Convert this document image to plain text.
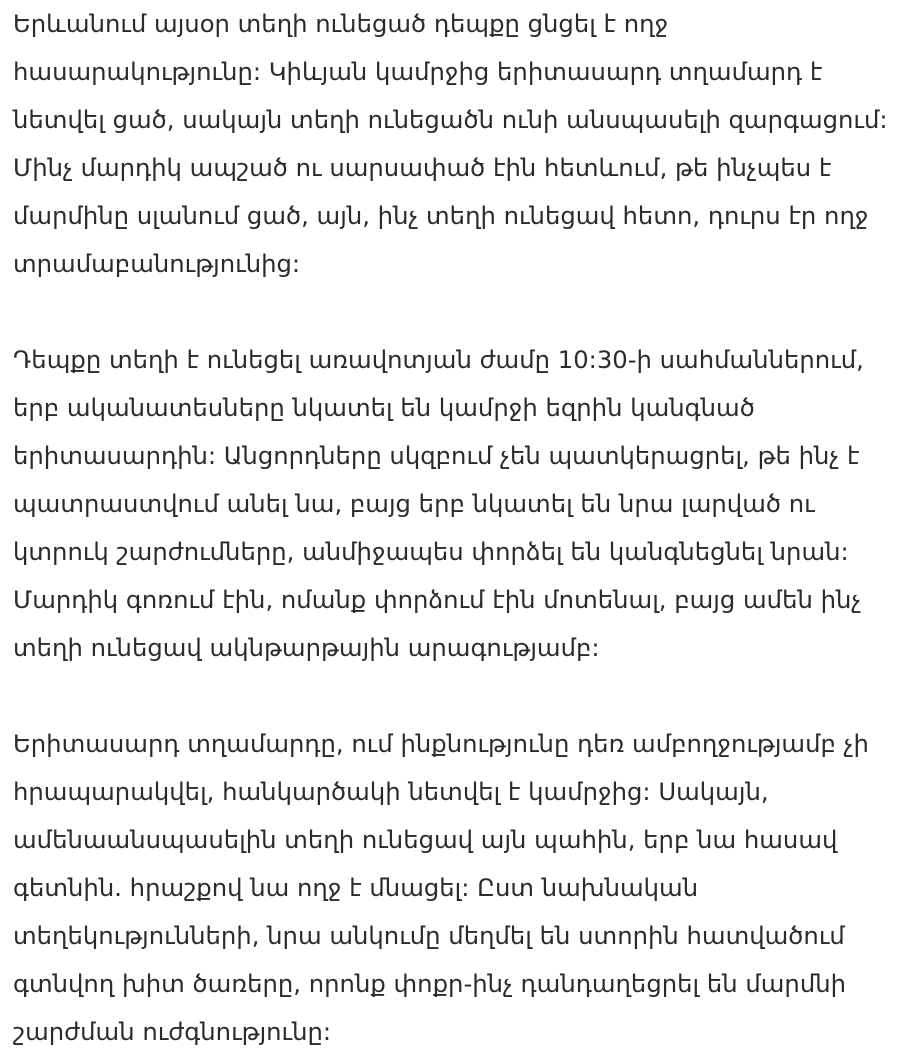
Երևանում այսօր տեղի ունեցած դեպքը ցնցել է ողջ
հասարակությունը: Կիևյան կամրջից երիտասարդ տղամարդ է
նետվել ցած, սակայն տեղի ունեցածն ունի անսպասելի զարգացում:
Մինչ մարդիկ ապշած ու սարսափած էին հետևում, թե ինչպես է
մարմինը սլանում ցած, այն, ինչ տեղի ունեցավ հետո, դուրս էր ողջ
տրամաբանությունից:
Դեպքը տեղի է ունեցել առավոտյան ժամը 10:30-ի սահմաններում,
երբ ականատեսները նկատել են կամրջի եզրին կանգնած
երիտասարդին: Անցորդները սկզբում չեն պատկերացրել, թե ինչ է
պատրաստվում անել նա, բայց երբ նկատել են նրա լարված ու
կտրուկ շարժումները, անմիջապես փորձել են կանգնեցնել նրան:
Մարդիկ գոռում էին, ոմանք փորձում էին մոտենալ, բայց ամեն ինչ
տեղի ունեցավ ակնթարթային արագությամբ:
Երիտասարդ տղամարդը, ում ինքնությունը դեռ ամբողջությամբ չի
հրապարակվել, հանկարծակի նետվել է կամրջից: Սակայն,
ամենաանսպասելին տեղի ունեցավ այն պահին, երբ նա հասավ
գետնին. հրաշքով նա ողջ է մնացել: Ըստ նախնական
տեղեկությունների, նրա անկումը մեղմել են ստորին հատվածում
գտնվող խիտ ծառերը, որոնք փոքր-ինչ դանդաղեցրել են մարմնի
շարժման ուժգնությունը:
